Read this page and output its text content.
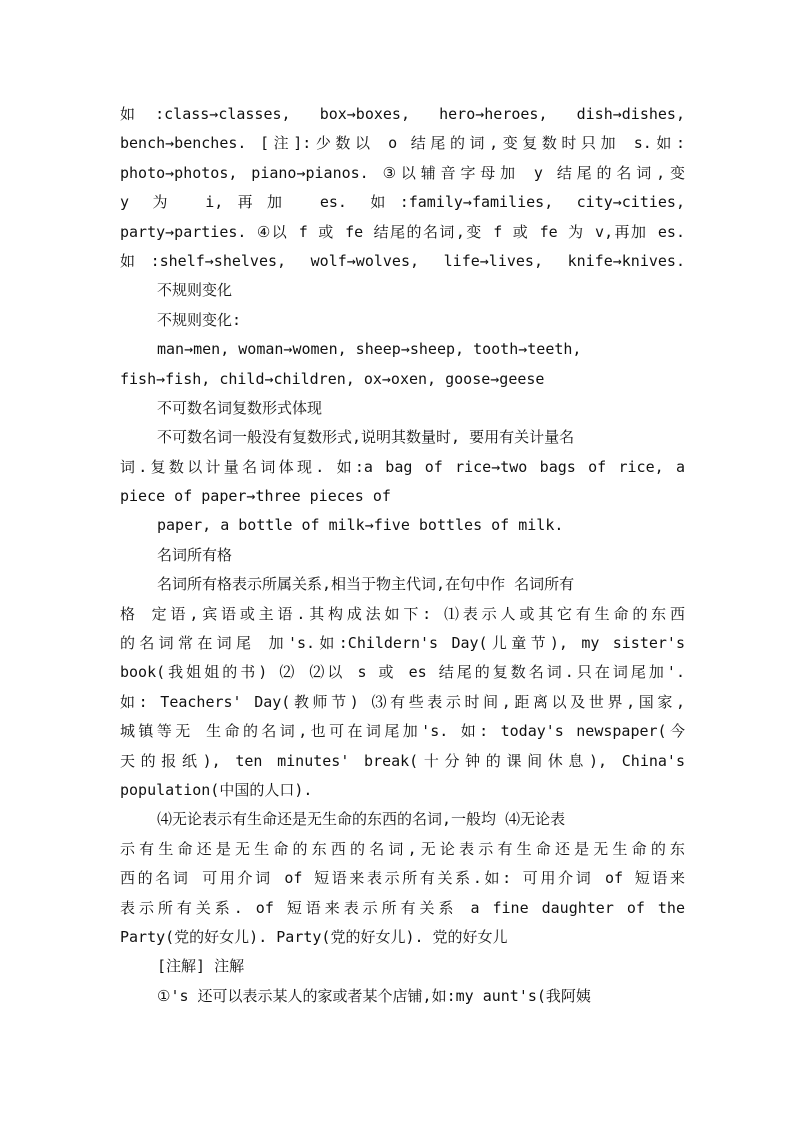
如:class→classes, box→boxes, hero→heroes, dish→dishes,
bench→benches. [注]:少数以 o 结尾的词,变复数时只加 s.如:
photo→photos, piano→pianos. ③以辅音字母加 y 结尾的名词,变
y 为 i,再加 es. 如:family→families, city→cities,
party→parties. ④以 f 或 fe 结尾的名词,变 f 或 fe 为 v,再加 es.
如:shelf→shelves, wolf→wolves, life→lives, knife→knives.
不规则变化
不规则变化:
man→men, woman→women, sheep→sheep, tooth→teeth,
fish→fish, child→children, ox→oxen, goose→geese
不可数名词复数形式体现
不可数名词一般没有复数形式,说明其数量时, 要用有关计量名
词.复数以计量名词体现. 如:a bag of rice→two bags of rice, a
piece of paper→three pieces of
paper, a bottle of milk→five bottles of milk.
名词所有格
名词所有格表示所属关系,相当于物主代词,在句中作 名词所有
格 定语,宾语或主语.其构成法如下: ⑴表示人或其它有生命的东西
的名词常在词尾 加's.如:Childern's Day(儿童节), my sister's
book(我姐姐的书) ⑵ ⑵以 s 或 es 结尾的复数名词.只在词尾加'.
如: Teachers' Day(教师节) ⑶有些表示时间,距离以及世界,国家,
城镇等无 生命的名词,也可在词尾加's. 如: today's newspaper(今
天的报纸), ten minutes' break(十分钟的课间休息), China's
population(中国的人口).
⑷无论表示有生命还是无生命的东西的名词,一般均 ⑷无论表
示有生命还是无生命的东西的名词,无论表示有生命还是无生命的东
西的名词 可用介词 of 短语来表示所有关系.如: 可用介词 of 短语来
表示所有关系. of 短语来表示所有关系 a fine daughter of the
Party(党的好女儿). Party(党的好女儿). 党的好女儿
[注解] 注解
①'s 还可以表示某人的家或者某个店铺,如:my aunt's(我阿姨
